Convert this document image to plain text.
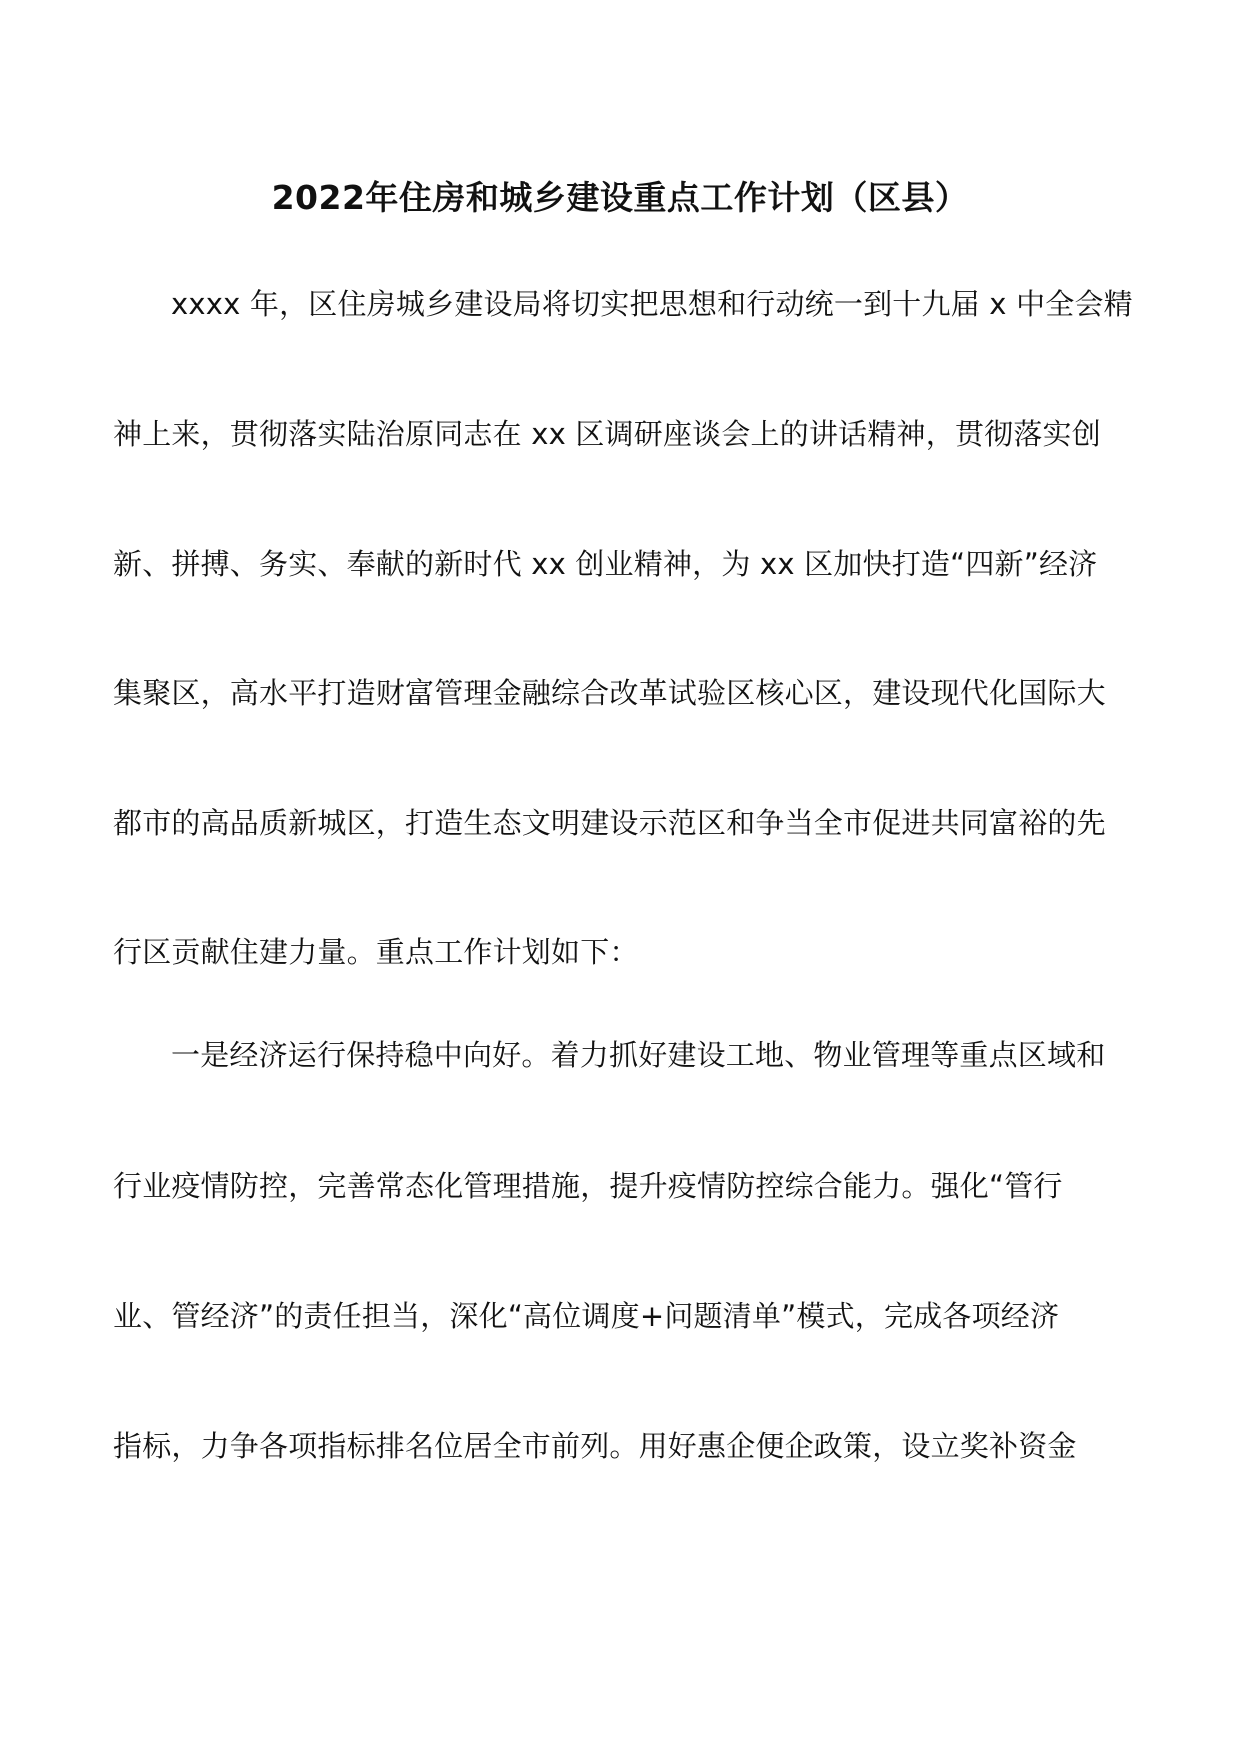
2022年住房和城乡建设重点工作计划（区县）

xxxx 年，区住房城乡建设局将切实把思想和行动统一到十九届 x 中全会精

神上来，贯彻落实陆治原同志在 xx 区调研座谈会上的讲话精神，贯彻落实创

新、拼搏、务实、奉献的新时代 xx 创业精神，为 xx 区加快打造“四新”经济

集聚区，高水平打造财富管理金融综合改革试验区核心区，建设现代化国际大

都市的高品质新城区，打造生态文明建设示范区和争当全市促进共同富裕的先

行区贡献住建力量。重点工作计划如下：

一是经济运行保持稳中向好。着力抓好建设工地、物业管理等重点区域和

行业疫情防控，完善常态化管理措施，提升疫情防控综合能力。强化“管行

业、管经济”的责任担当，深化“高位调度+问题清单”模式，完成各项经济

指标，力争各项指标排名位居全市前列。用好惠企便企政策，设立奖补资金
